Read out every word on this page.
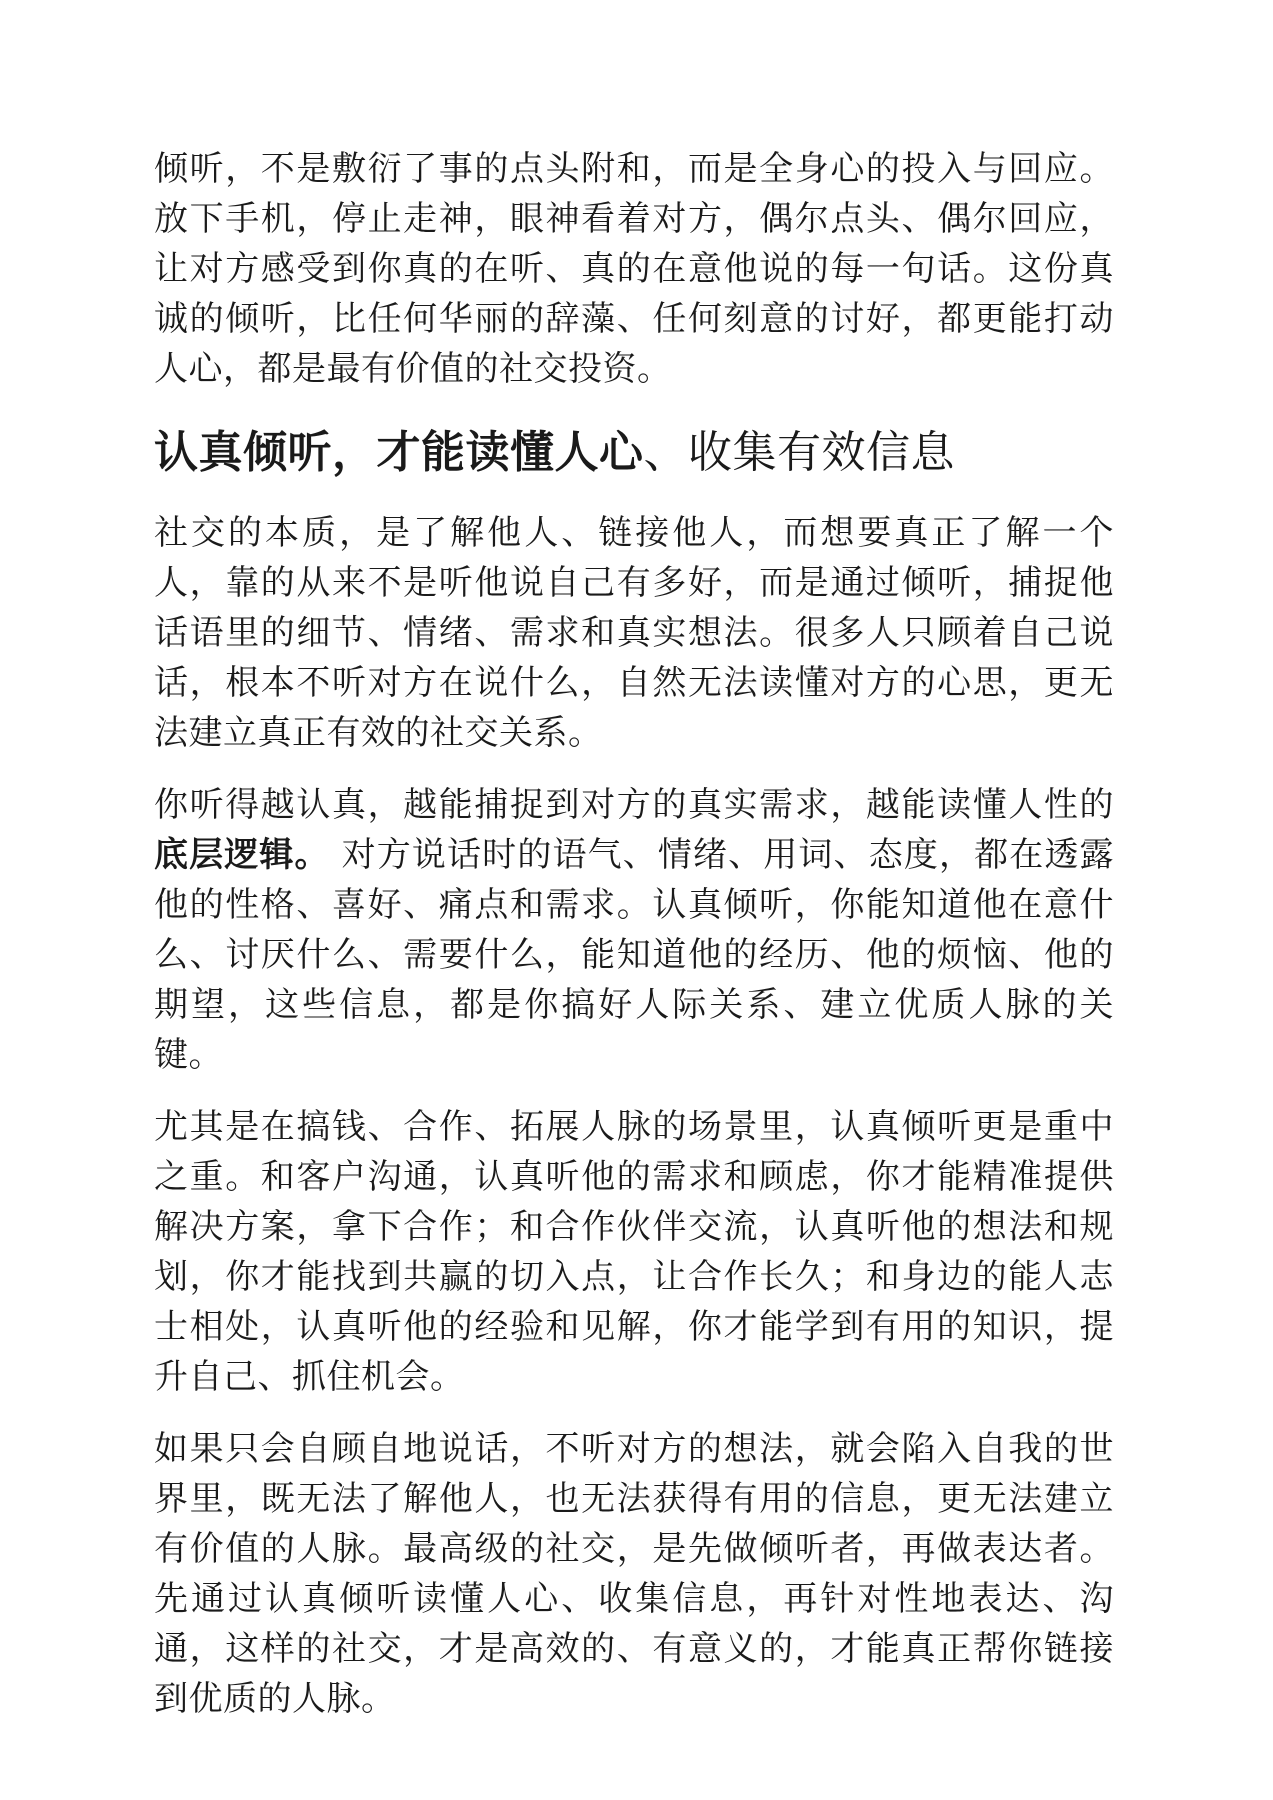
倾听，不是敷衍了事的点头附和，而是全身心的投入与回应。放下手机，停止走神，眼神看着对方，偶尔点头、偶尔回应，让对方感受到你真的在听、真的在意他说的每一句话。这份真诚的倾听，比任何华丽的辞藻、任何刻意的讨好，都更能打动人心，都是最有价值的社交投资。

认真倾听，才能读懂人心、收集有效信息

社交的本质，是了解他人、链接他人，而想要真正了解一个人，靠的从来不是听他说自己有多好，而是通过倾听，捕捉他话语里的细节、情绪、需求和真实想法。很多人只顾着自己说话，根本不听对方在说什么，自然无法读懂对方的心思，更无法建立真正有效的社交关系。

你听得越认真，越能捕捉到对方的真实需求，越能读懂人性的底层逻辑。 对方说话时的语气、情绪、用词、态度，都在透露他的性格、喜好、痛点和需求。认真倾听，你能知道他在意什么、讨厌什么、需要什么，能知道他的经历、他的烦恼、他的期望，这些信息，都是你搞好人际关系、建立优质人脉的关键。

尤其是在搞钱、合作、拓展人脉的场景里，认真倾听更是重中之重。和客户沟通，认真听他的需求和顾虑，你才能精准提供解决方案，拿下合作；和合作伙伴交流，认真听他的想法和规划，你才能找到共赢的切入点，让合作长久；和身边的能人志士相处，认真听他的经验和见解，你才能学到有用的知识，提升自己、抓住机会。

如果只会自顾自地说话，不听对方的想法，就会陷入自我的世界里，既无法了解他人，也无法获得有用的信息，更无法建立有价值的人脉。最高级的社交，是先做倾听者，再做表达者。先通过认真倾听读懂人心、收集信息，再针对性地表达、沟通，这样的社交，才是高效的、有意义的，才能真正帮你链接到优质的人脉。
